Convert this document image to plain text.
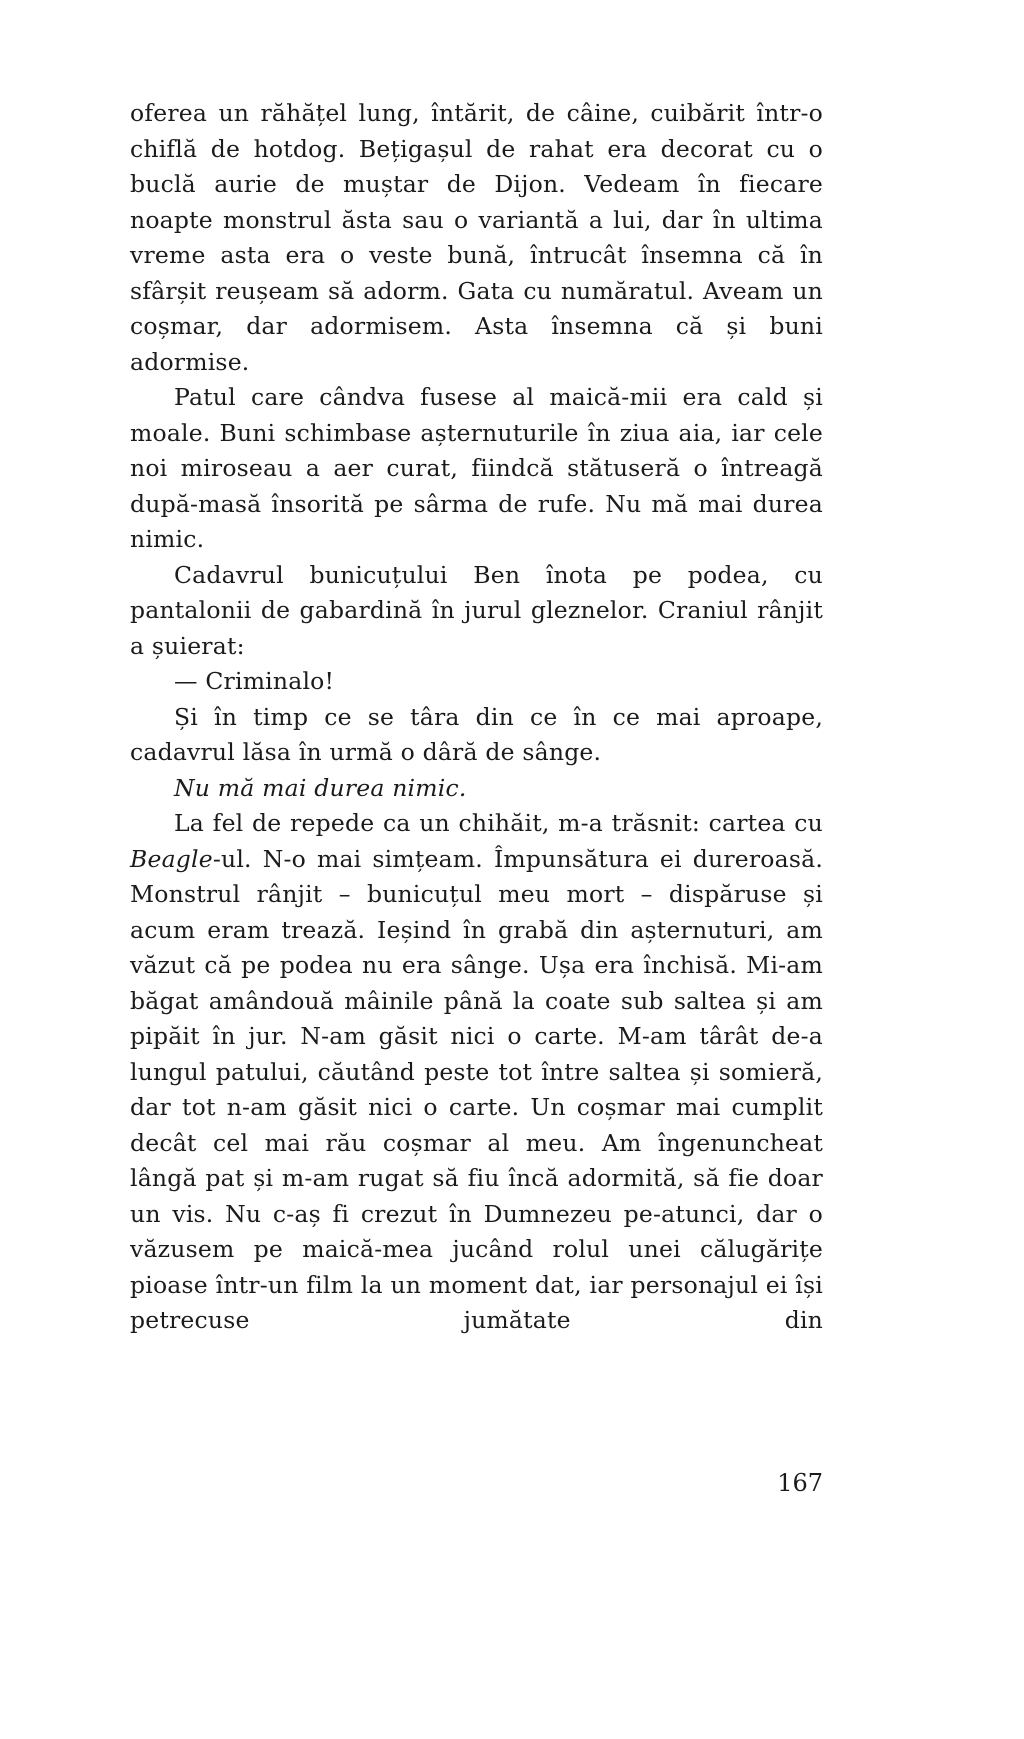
oferea un răhățel lung, întărit, de câine, cuibărit într-o chiflă de hotdog. Bețigașul de rahat era decorat cu o buclă aurie de muștar de Dijon. Vedeam în fiecare noapte monstrul ăsta sau o variantă a lui, dar în ultima vreme asta era o veste bună, întrucât însemna că în sfârșit reușeam să adorm. Gata cu număratul. Aveam un coșmar, dar adormisem. Asta însemna că și buni adormise.

Patul care cândva fusese al maică-mii era cald și moale. Buni schimbase așternuturile în ziua aia, iar cele noi miroseau a aer curat, fiindcă stătuseră o întreagă după-masă însorită pe sârma de rufe. Nu mă mai durea nimic.

Cadavrul bunicuțului Ben înota pe podea, cu pantalonii de gabardină în jurul gleznelor. Craniul rânjit a șuierat:

— Criminalo!

Și în timp ce se târa din ce în ce mai aproape, cadavrul lăsa în urmă o dâră de sânge.

Nu mă mai durea nimic.

La fel de repede ca un chihăit, m-a trăsnit: cartea cu Beagle-ul. N-o mai simțeam. Împunsătura ei dureroasă. Monstrul rânjit – bunicuțul meu mort – dispăruse și acum eram trează. Ieșind în grabă din așternuturi, am văzut că pe podea nu era sânge. Ușa era închisă. Mi-am băgat amândouă mâinile până la coate sub saltea și am pipăit în jur. N-am găsit nici o carte. M-am târât de-a lungul patului, căutând peste tot între saltea și somieră, dar tot n-am găsit nici o carte. Un coșmar mai cumplit decât cel mai rău coșmar al meu. Am îngenuncheat lângă pat și m-am rugat să fiu încă adormită, să fie doar un vis. Nu c-aș fi crezut în Dumnezeu pe-atunci, dar o văzusem pe maică-mea jucând rolul unei călugărițe pioase într-un film la un moment dat, iar personajul ei își petrecuse jumătate din

167
